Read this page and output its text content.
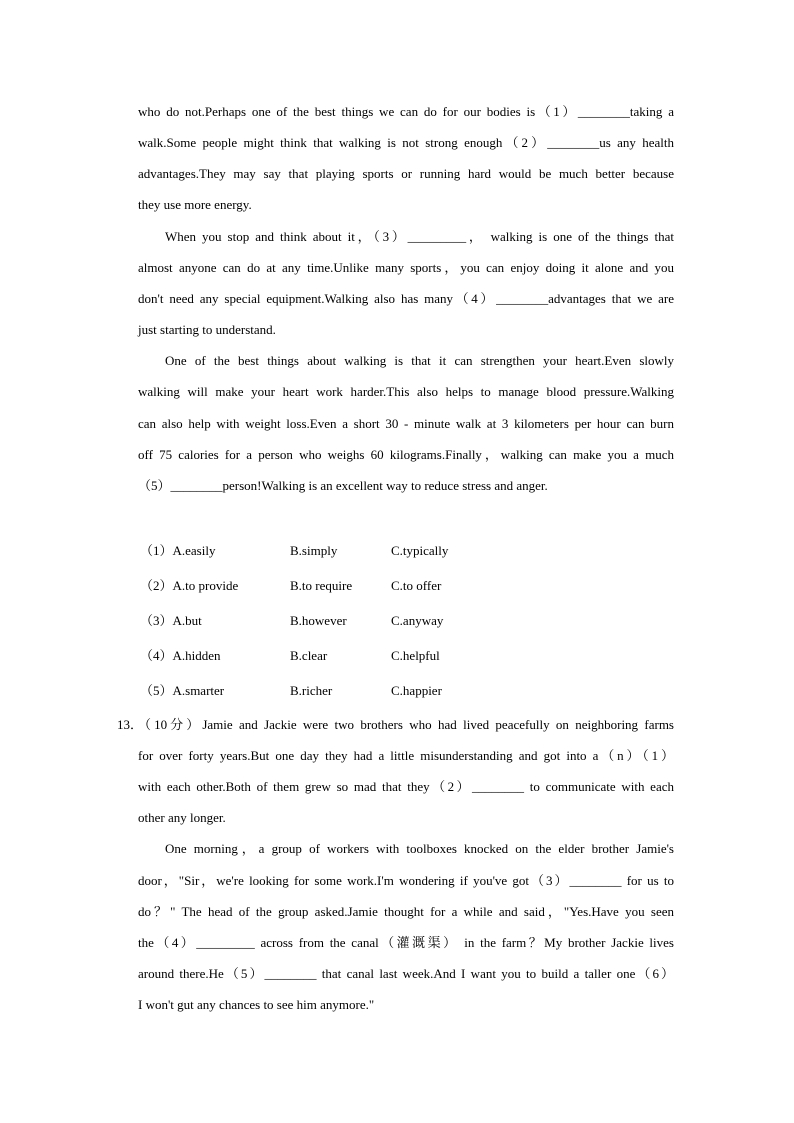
who do not.Perhaps one of the best things we can do for our bodies is（1）________taking a
walk.Some people might think that walking is not strong enough（2）________us any health
advantages.They may say that playing sports or running hard would be much better because
they use more energy.
When you stop and think about it，（3）_________， walking is one of the things that
almost anyone can do at any time.Unlike many sports，you can enjoy doing it alone and you
don't need any special equipment.Walking also has many（4）________advantages that we are
just starting to understand.
One of the best things about walking is that it can strengthen your heart.Even slowly
walking will make your heart work harder.This also helps to manage blood pressure.Walking
can also help with weight loss.Even a short 30 - minute walk at 3 kilometers per hour can burn
off 75 calories for a person who weighs 60 kilograms.Finally，walking can make you a much
（5）________person!Walking is an excellent way to reduce stress and anger.
（1）A.easily	B.simply	C.typically
（2）A.to provide	B.to require	C.to offer
（3）A.but	B.however	C.anyway
（4）A.hidden	B.clear	C.helpful
（5）A.smarter	B.richer	C.happier
13．
（10分）Jamie and Jackie were two brothers who had lived peacefully on neighboring farms
for over forty years.But one day they had a little misunderstanding and got into a（n）（1）
with each other.Both of them grew so mad that they（2）________ to communicate with each
other any longer.
One morning，a group of workers with toolboxes knocked on the elder brother Jamie's
door，"Sir，we're looking for some work.I'm wondering if you've got（3）________ for us to
do？" The head of the group asked.Jamie thought for a while and said，"Yes.Have you seen
the（4）_________ across from the canal（灌溉渠） in the farm？My brother Jackie lives
around there.He（5）________ that canal last week.And I want you to build a taller one（6）
I won't gut any chances to see him anymore."
